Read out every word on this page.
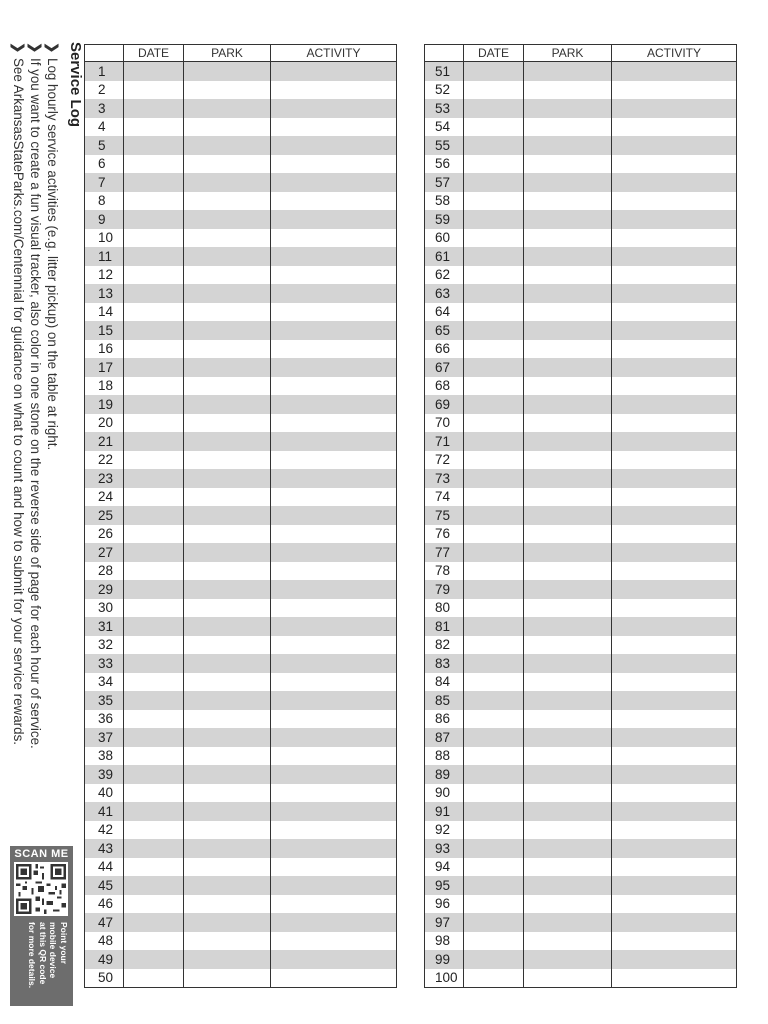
Service Log
❯Log hourly service activities (e.g. litter pickup) on the table at right.
❯If you want to create a fun visual tracker, also color in one stone on the reverse side of page for each hour of service.
❯See ArkansasStateParks.com/Centennial for guidance on what to count and how to submit for your service rewards.
SCAN ME
Point your
mobile device
at this QR code
for more details.
	DATE	PARK	ACTIVITY
1			
2			
3			
4			
5			
6			
7			
8			
9			
10			
11			
12			
13			
14			
15			
16			
17			
18			
19			
20			
21			
22			
23			
24			
25			
26			
27			
28			
29			
30			
31			
32			
33			
34			
35			
36			
37			
38			
39			
40			
41			
42			
43			
44			
45			
46			
47			
48			
49			
50			
	DATE	PARK	ACTIVITY
51			
52			
53			
54			
55			
56			
57			
58			
59			
60			
61			
62			
63			
64			
65			
66			
67			
68			
69			
70			
71			
72			
73			
74			
75			
76			
77			
78			
79			
80			
81			
82			
83			
84			
85			
86			
87			
88			
89			
90			
91			
92			
93			
94			
95			
96			
97			
98			
99			
100			
